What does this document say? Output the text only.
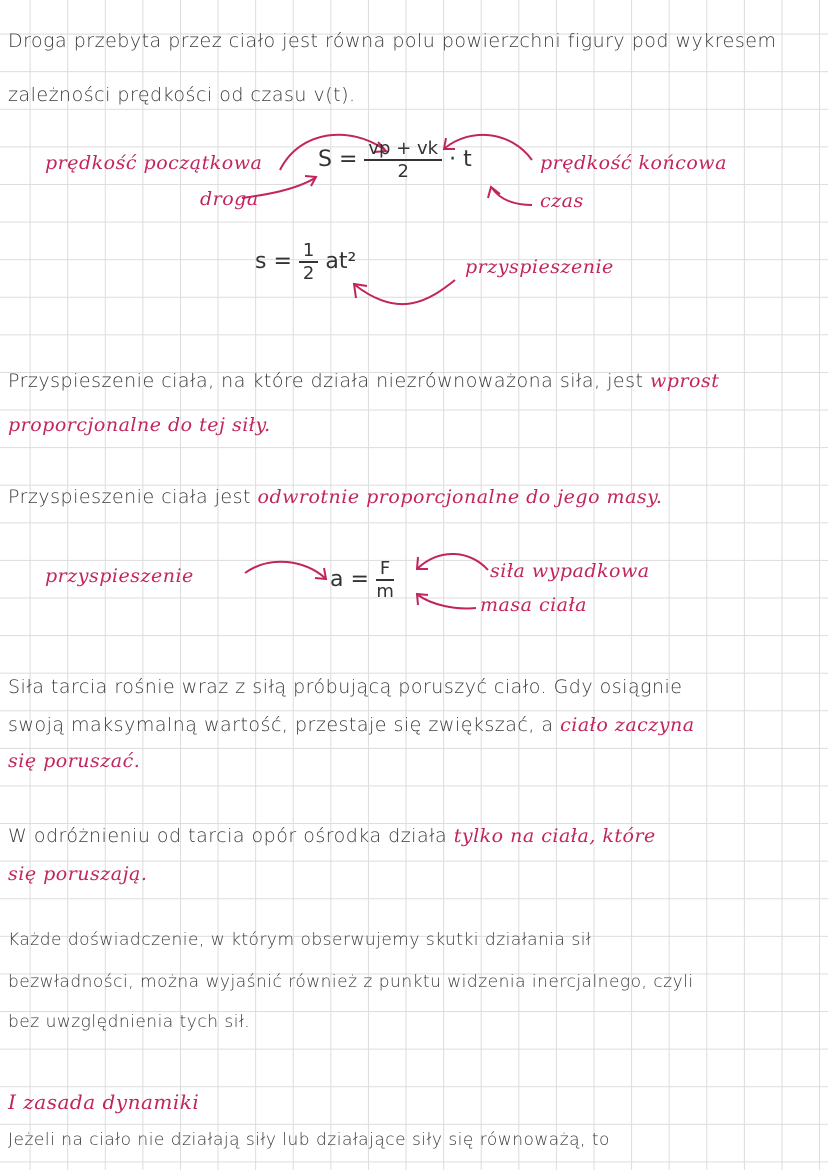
Droga przebyta przez ciało jest równa polu powierzchni figury pod wykresem
zależności prędkości od czasu v(t).
prędkość początkowa
droga
$S = \frac{vp + vk}{2} \cdot t$	prędkość końcowa
czas
$s = \frac{1}{2} at^2$	przyspieszenie
Przyspieszenie ciała, na które działa niezrównoważona siła, jest wprost
proporcjonalne do tej siły.
Przyspieszenie ciała jest odwrotnie proporcjonalne do jego masy.
przyspieszenie	$a = \frac{F}{m}$	siła wypadkowa
masa ciała
Siła tarcia rośnie wraz z siłą próbującą poruszyć ciało. Gdy osiągnie
swoją maksymalną wartość, przestaje się zwiększać, a ciało zaczyna
się poruszać.
W odróżnieniu od tarcia opór ośrodka działa tylko na ciała, które
się poruszają.
Każde doświadczenie, w którym obserwujemy skutki działania sił
bezwładności, można wyjaśnić również z punktu widzenia inercjalnego, czyli
bez uwzględnienia tych sił.
I zasada dynamiki
Jeżeli na ciało nie działają siły lub działające siły się równoważą, to
